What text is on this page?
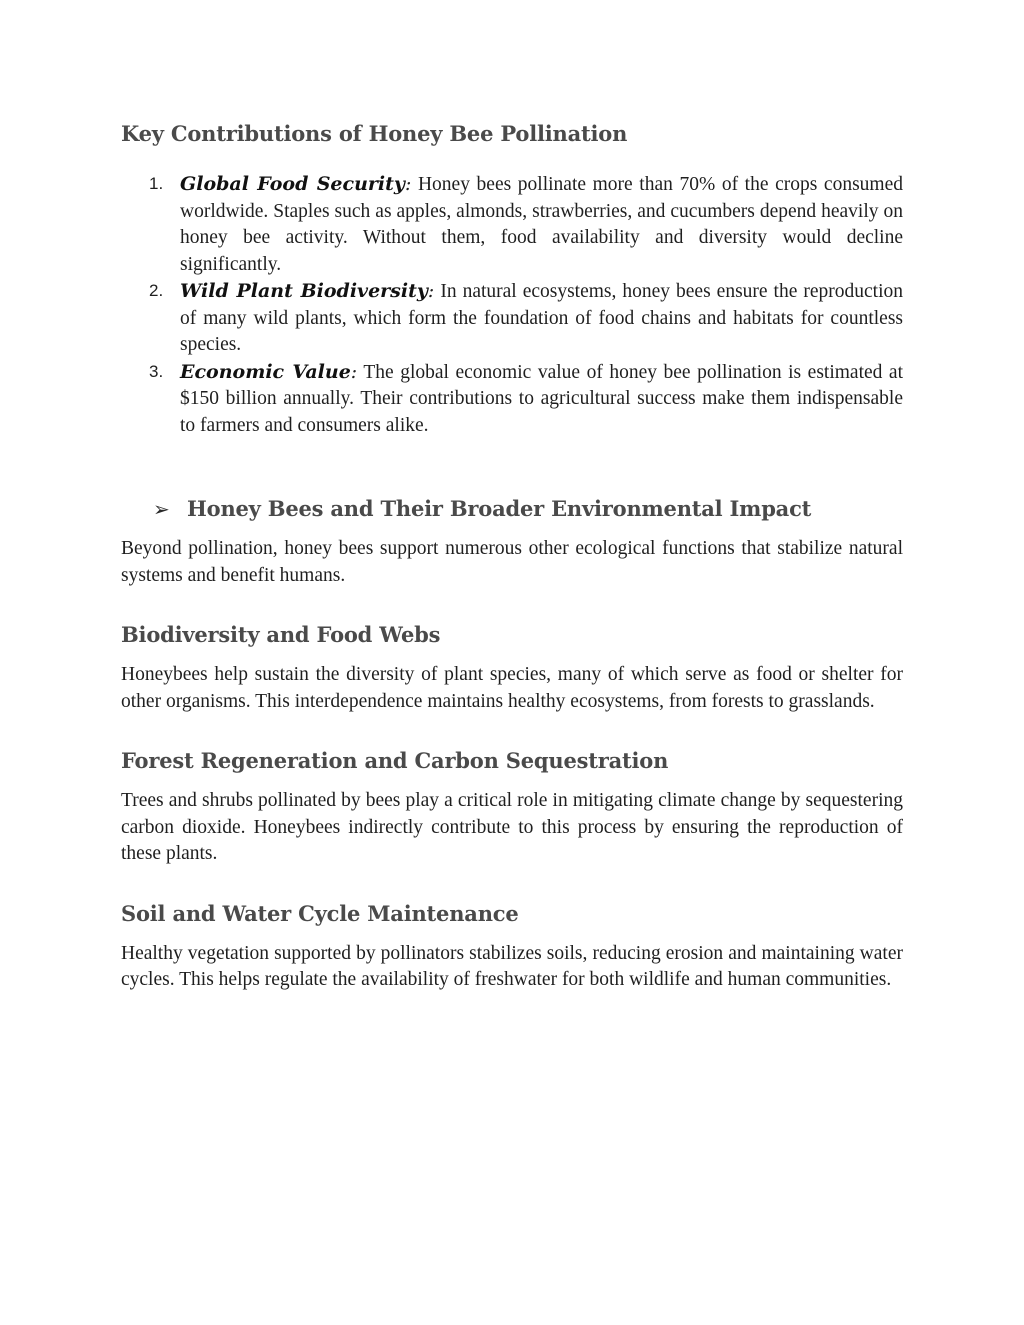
Key Contributions of Honey Bee Pollination
1. Global Food Security: Honey bees pollinate more than 70% of the crops consumed worldwide. Staples such as apples, almonds, strawberries, and cucumbers depend heavily on honey bee activity. Without them, food availability and diversity would decline significantly.
2. Wild Plant Biodiversity: In natural ecosystems, honey bees ensure the reproduction of many wild plants, which form the foundation of food chains and habitats for countless species.
3. Economic Value: The global economic value of honey bee pollination is estimated at $150 billion annually. Their contributions to agricultural success make them indispensable to farmers and consumers alike.
➢ Honey Bees and Their Broader Environmental Impact

Beyond pollination, honey bees support numerous other ecological functions that stabilize natural systems and benefit humans.

Biodiversity and Food Webs

Honeybees help sustain the diversity of plant species, many of which serve as food or shelter for other organisms. This interdependence maintains healthy ecosystems, from forests to grasslands.

Forest Regeneration and Carbon Sequestration

Trees and shrubs pollinated by bees play a critical role in mitigating climate change by sequestering carbon dioxide. Honeybees indirectly contribute to this process by ensuring the reproduction of these plants.

Soil and Water Cycle Maintenance

Healthy vegetation supported by pollinators stabilizes soils, reducing erosion and maintaining water cycles. This helps regulate the availability of freshwater for both wildlife and human communities.
